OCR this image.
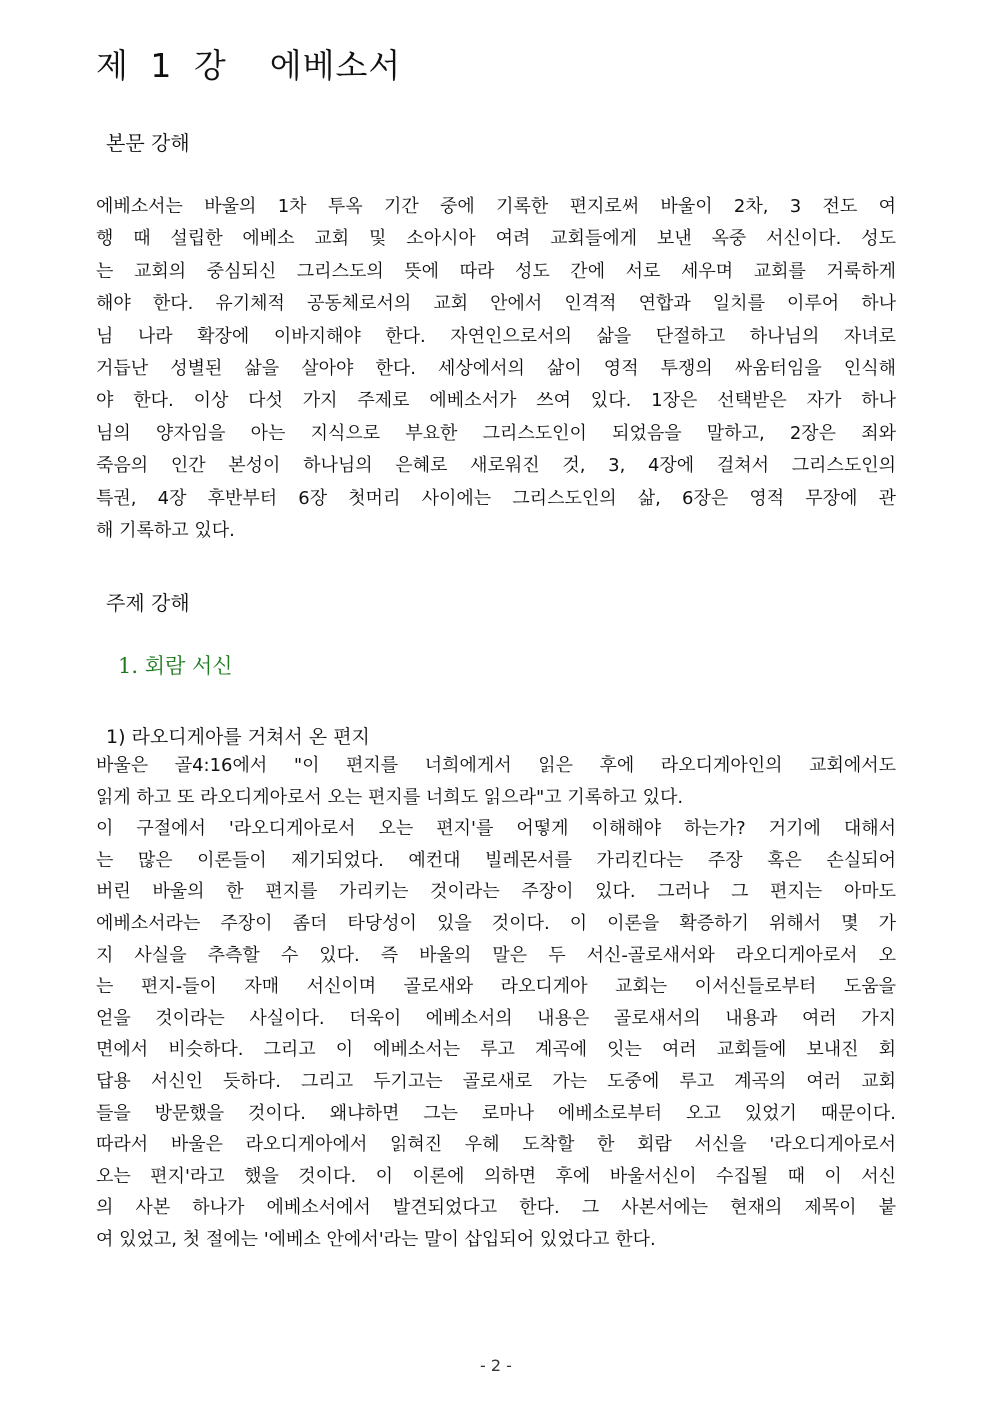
제 1 강  에베소서
본문 강해
에베소서는 바울의 1차 투옥 기간 중에 기록한 편지로써 바울이 2차, 3 전도 여
행 때 설립한 에베소 교회 및 소아시아 여려 교회들에게 보낸 옥중 서신이다. 성도
는 교회의 중심되신 그리스도의 뜻에 따라 성도 간에 서로 세우며 교회를 거룩하게
해야 한다. 유기체적 공동체로서의 교회 안에서 인격적 연합과 일치를 이루어 하나
님 나라 확장에 이바지해야 한다. 자연인으로서의 삶을 단절하고 하나님의 자녀로
거듭난 성별된 삶을 살아야 한다. 세상에서의 삶이 영적 투쟁의 싸움터임을 인식해
야 한다. 이상 다섯 가지 주제로 에베소서가 쓰여 있다. 1장은 선택받은 자가 하나
님의 양자임을 아는 지식으로 부요한 그리스도인이 되었음을 말하고, 2장은 죄와
죽음의 인간 본성이 하나님의 은혜로 새로워진 것, 3, 4장에 걸쳐서 그리스도인의
특권, 4장 후반부터 6장 첫머리 사이에는 그리스도인의 삶, 6장은 영적 무장에 관
해 기록하고 있다.
주제 강해
1. 회람 서신
1) 라오디게아를 거쳐서 온 편지
바울은 골4:16에서 "이 편지를 너희에게서 읽은 후에 라오디게아인의 교회에서도
읽게 하고 또 라오디게아로서 오는 편지를 너희도 읽으라"고 기록하고 있다.
이 구절에서 '라오디게아로서 오는 편지'를 어떻게 이해해야 하는가? 거기에 대해서
는 많은 이론들이 제기되었다. 예컨대 빌레몬서를 가리킨다는 주장 혹은 손실되어
버린 바울의 한 편지를 가리키는 것이라는 주장이 있다. 그러나 그 편지는 아마도
에베소서라는 주장이 좀더 타당성이 있을 것이다. 이 이론을 확증하기 위해서 몇 가
지 사실을 추측할 수 있다. 즉 바울의 말은 두 서신-골로새서와 라오디게아로서 오
는 편지-들이 자매 서신이며 골로새와 라오디게아 교회는 이서신들로부터 도움을
얻을 것이라는 사실이다. 더욱이 에베소서의 내용은 골로새서의 내용과 여러 가지
면에서 비슷하다. 그리고 이 에베소서는 루고 계곡에 잇는 여러 교회들에 보내진 회
답용 서신인 듯하다. 그리고 두기고는 골로새로 가는 도중에 루고 계곡의 여러 교회
들을 방문했을 것이다. 왜냐하면 그는 로마나 에베소로부터 오고 있었기 때문이다.
따라서 바울은 라오디게아에서 읽혀진 우헤 도착할 한 회람 서신을 '라오디게아로서
오는 편지'라고 했을 것이다. 이 이론에 의하면 후에 바울서신이 수집될 때 이 서신
의 사본 하나가 에베소서에서 발견되었다고 한다. 그 사본서에는 현재의 제목이 붙
여 있었고, 첫 절에는 '에베소 안에서'라는 말이 삽입되어 있었다고 한다.
- 2 -
